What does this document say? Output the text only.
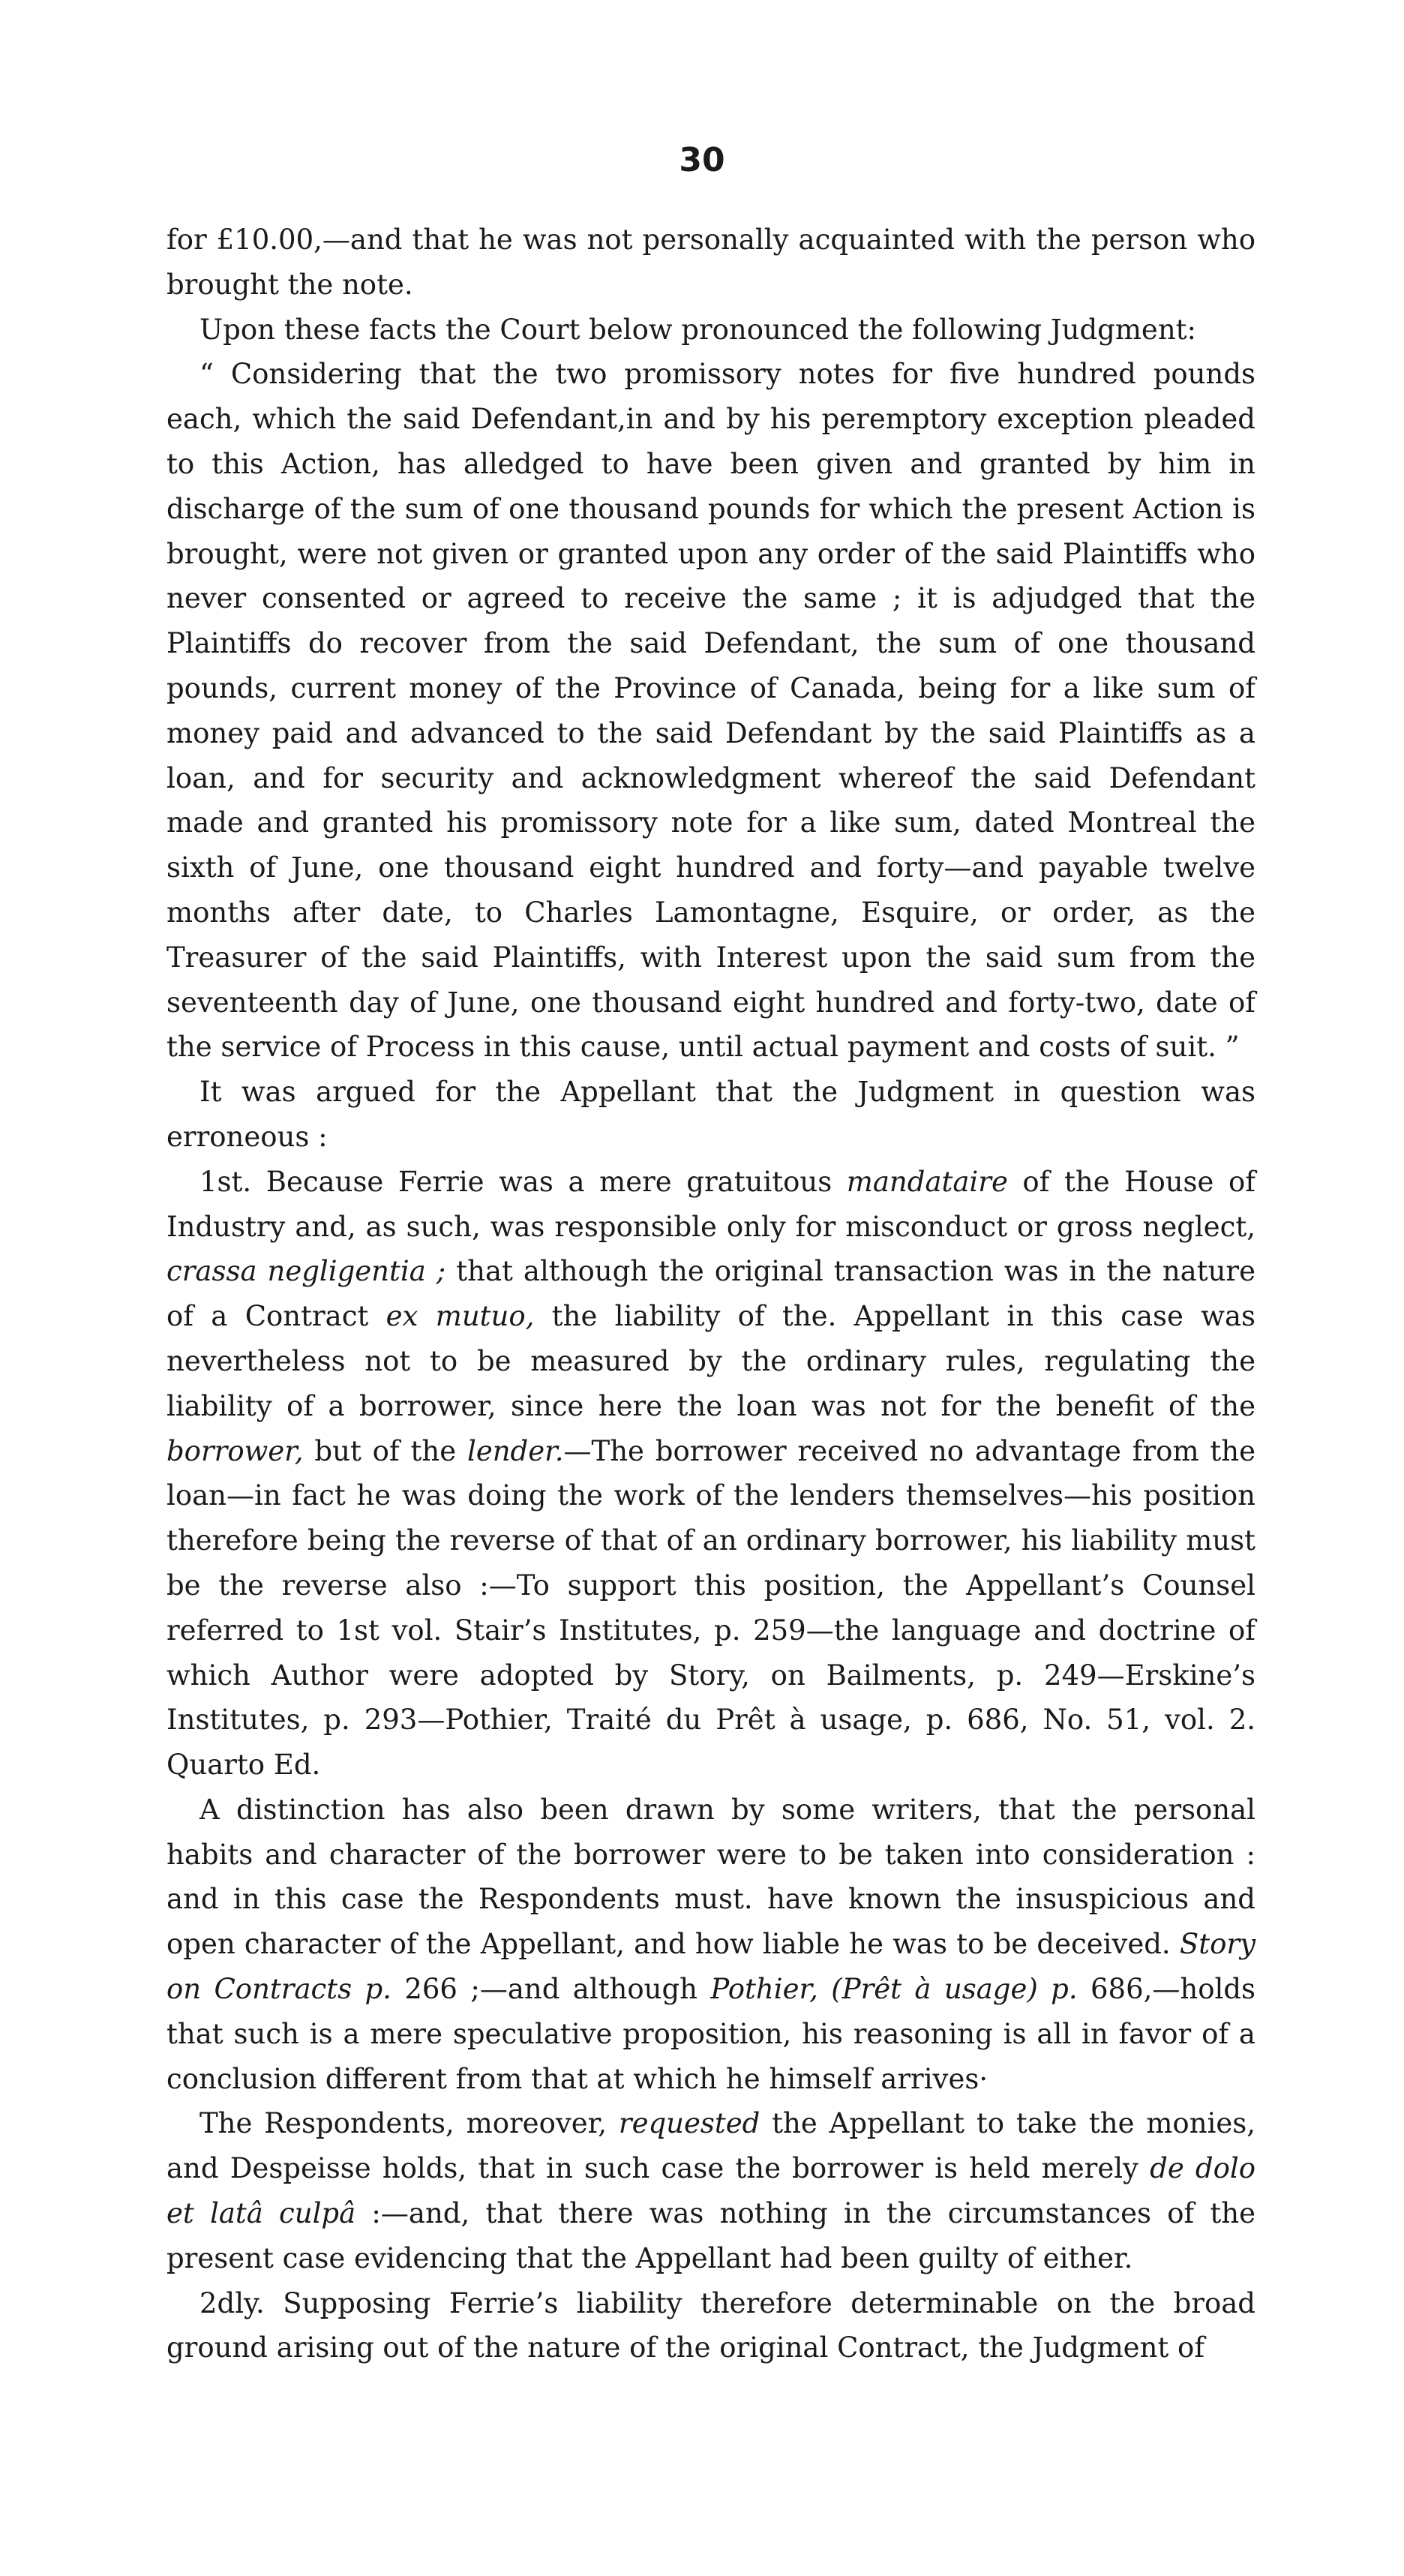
30

for £10.00,—and that he was not personally acquainted with the person who brought the note.

Upon these facts the Court below pronounced the following Judgment:

“ Considering that the two promissory notes for five hundred pounds each, which the said Defendant,in and by his peremptory exception pleaded to this Action, has alledged to have been given and granted by him in discharge of the sum of one thousand pounds for which the present Action is brought, were not given or granted upon any order of the said Plaintiffs who never consented or agreed to receive the same ; it is adjudged that the Plaintiffs do recover from the said Defendant, the sum of one thousand pounds, current money of the Province of Canada, being for a like sum of money paid and advanced to the said Defendant by the said Plaintiffs as a loan, and for security and acknowledgment whereof the said Defendant made and granted his promissory note for a like sum, dated Montreal the sixth of June, one thousand eight hundred and forty—and payable twelve months after date, to Charles Lamontagne, Esquire, or order, as the Treasurer of the said Plaintiffs, with Interest upon the said sum from the seventeenth day of June, one thousand eight hundred and forty-two, date of the service of Process in this cause, until actual payment and costs of suit. ”

It was argued for the Appellant that the Judgment in question was erroneous :

1st. Because Ferrie was a mere gratuitous mandataire of the House of Industry and, as such, was responsible only for misconduct or gross neglect, crassa negligentia ; that although the original transaction was in the nature of a Contract ex mutuo, the liability of the. Appellant in this case was nevertheless not to be measured by the ordinary rules, regulating the liability of a borrower, since here the loan was not for the benefit of the borrower, but of the lender.—The borrower received no advantage from the loan—in fact he was doing the work of the lenders themselves—his position therefore being the reverse of that of an ordinary borrower, his liability must be the reverse also :—To support this position, the Appellant’s Counsel referred to 1st vol. Stair’s Institutes, p. 259—the language and doctrine of which Author were adopted by Story, on Bailments, p. 249—Erskine’s Institutes, p. 293—Pothier, Traité du Prêt à usage, p. 686, No. 51, vol. 2. Quarto Ed.

A distinction has also been drawn by some writers, that the personal habits and character of the borrower were to be taken into consideration : and in this case the Respondents must. have known the insuspicious and open character of the Appellant, and how liable he was to be deceived. Story on Contracts p. 266 ;—and although Pothier, (Prêt à usage) p. 686,—holds that such is a mere speculative proposition, his reasoning is all in favor of a conclusion different from that at which he himself arrives·

The Respondents, moreover, requested the Appellant to take the monies, and Despeisse holds, that in such case the borrower is held merely de dolo et latâ culpâ :—and, that there was nothing in the circumstances of the present case evidencing that the Appellant had been guilty of either.

2dly. Supposing Ferrie’s liability therefore determinable on the broad ground arising out of the nature of the original Contract, the Judgment of
